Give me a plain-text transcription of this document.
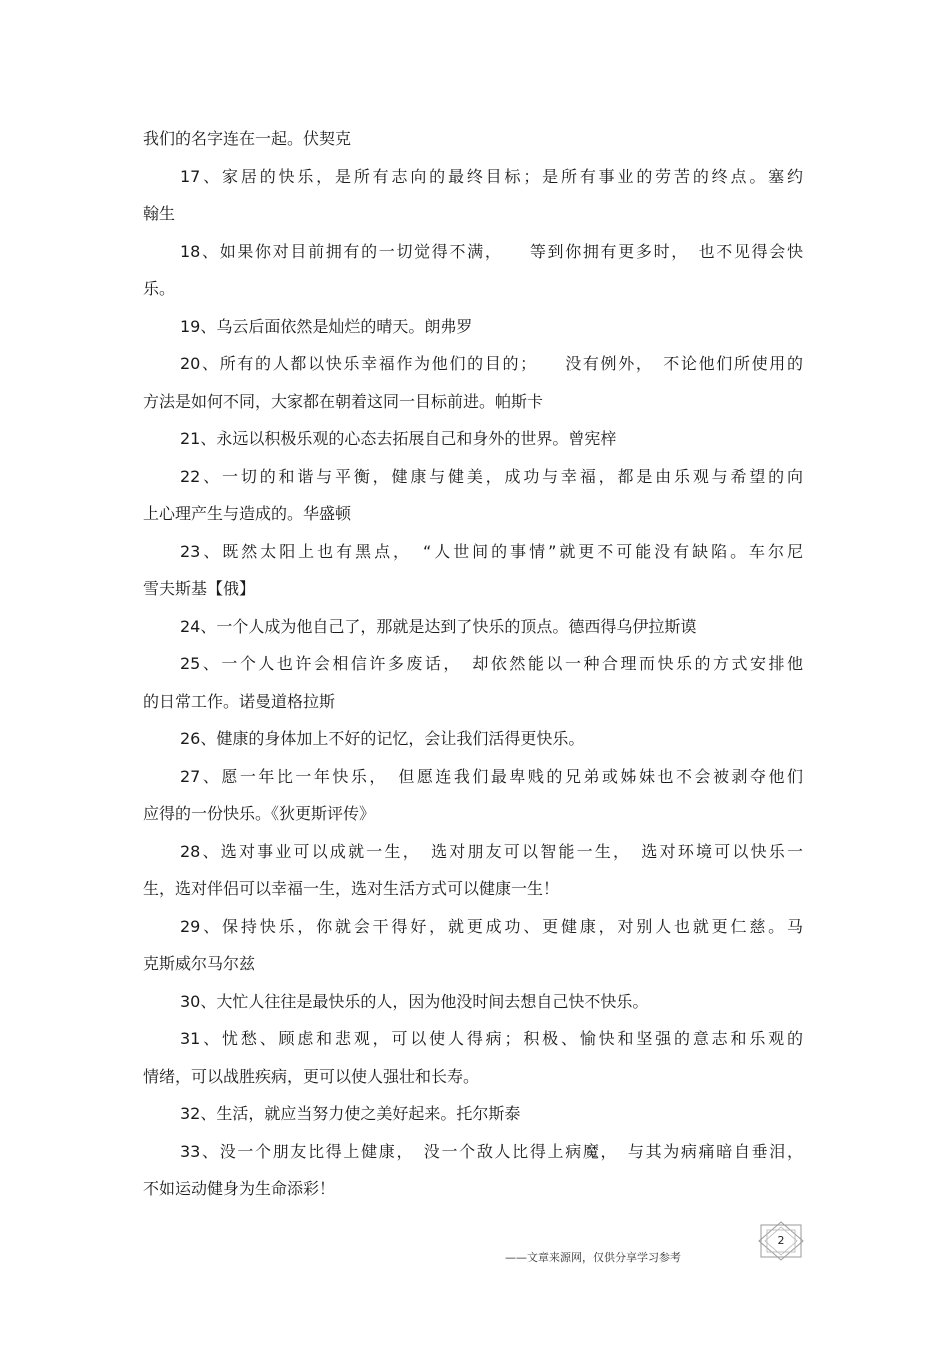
我们的名字连在一起。伏契克
17、家居的快乐，是所有志向的最终目标；是所有事业的劳苦的终点。塞约
翰生
18、如果你对目前拥有的一切觉得不满，　　等到你拥有更多时，　也不见得会快
乐。
19、乌云后面依然是灿烂的晴天。朗弗罗
20、所有的人都以快乐幸福作为他们的目的；　　没有例外，　不论他们所使用的
方法是如何不同，大家都在朝着这同一目标前进。帕斯卡
21、永远以积极乐观的心态去拓展自己和身外的世界。曾宪梓
22、一切的和谐与平衡，健康与健美，成功与幸福，都是由乐观与希望的向
上心理产生与造成的。华盛顿
23、既然太阳上也有黑点，　“人世间的事情”就更不可能没有缺陷。车尔尼
雪夫斯基【俄】
24、一个人成为他自己了，那就是达到了快乐的顶点。德西得乌伊拉斯谟
25、一个人也许会相信许多废话，　却依然能以一种合理而快乐的方式安排他
的日常工作。诺曼道格拉斯
26、健康的身体加上不好的记忆，会让我们活得更快乐。
27、愿一年比一年快乐，　但愿连我们最卑贱的兄弟或姊妹也不会被剥夺他们
应得的一份快乐。《狄更斯评传》
28、选对事业可以成就一生，　选对朋友可以智能一生，　选对环境可以快乐一
生，选对伴侣可以幸福一生，选对生活方式可以健康一生！
29、保持快乐，你就会干得好，就更成功、更健康，对别人也就更仁慈。马
克斯威尔马尔兹
30、大忙人往往是最快乐的人，因为他没时间去想自己快不快乐。
31、忧愁、顾虑和悲观，可以使人得病；积极、愉快和坚强的意志和乐观的
情绪，可以战胜疾病，更可以使人强壮和长寿。
32、生活，就应当努力使之美好起来。托尔斯泰
33、没一个朋友比得上健康，　没一个敌人比得上病魔，　与其为病痛暗自垂泪，
不如运动健身为生命添彩！
——文章来源网，仅供分享学习参考
2
